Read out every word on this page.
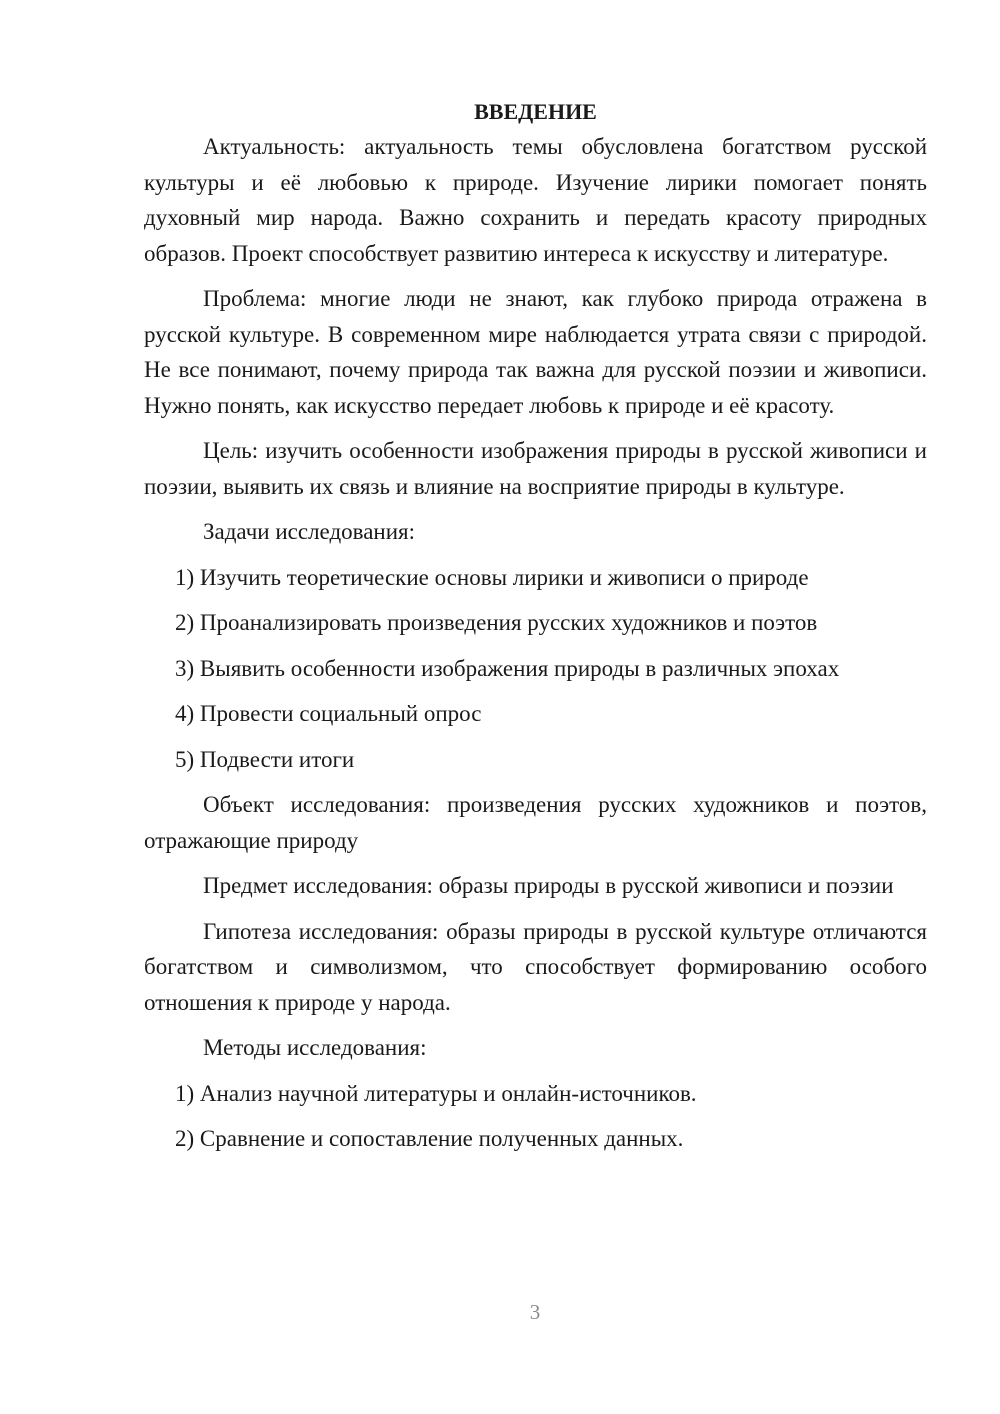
ВВЕДЕНИЕ

Актуальность: актуальность темы обусловлена богатством русской культуры и её любовью к природе. Изучение лирики помогает понять духовный мир народа. Важно сохранить и передать красоту природных образов. Проект способствует развитию интереса к искусству и литературе.

Проблема: многие люди не знают, как глубоко природа отражена в русской культуре. В современном мире наблюдается утрата связи с природой. Не все понимают, почему природа так важна для русской поэзии и живописи. Нужно понять, как искусство передает любовь к природе и её красоту.

Цель: изучить особенности изображения природы в русской живописи и поэзии, выявить их связь и влияние на восприятие природы в культуре.

Задачи исследования:

1) Изучить теоретические основы лирики и живописи о природе
2) Проанализировать произведения русских художников и поэтов
3) Выявить особенности изображения природы в различных эпохах
4) Провести социальный опрос
5) Подвести итоги

Объект исследования: произведения русских художников и поэтов, отражающие природу

Предмет исследования: образы природы в русской живописи и поэзии

Гипотеза исследования: образы природы в русской культуре отличаются богатством и символизмом, что способствует формированию особого отношения к природе у народа.

Методы исследования:

1) Анализ научной литературы и онлайн-источников.
2) Сравнение и сопоставление полученных данных.
3
